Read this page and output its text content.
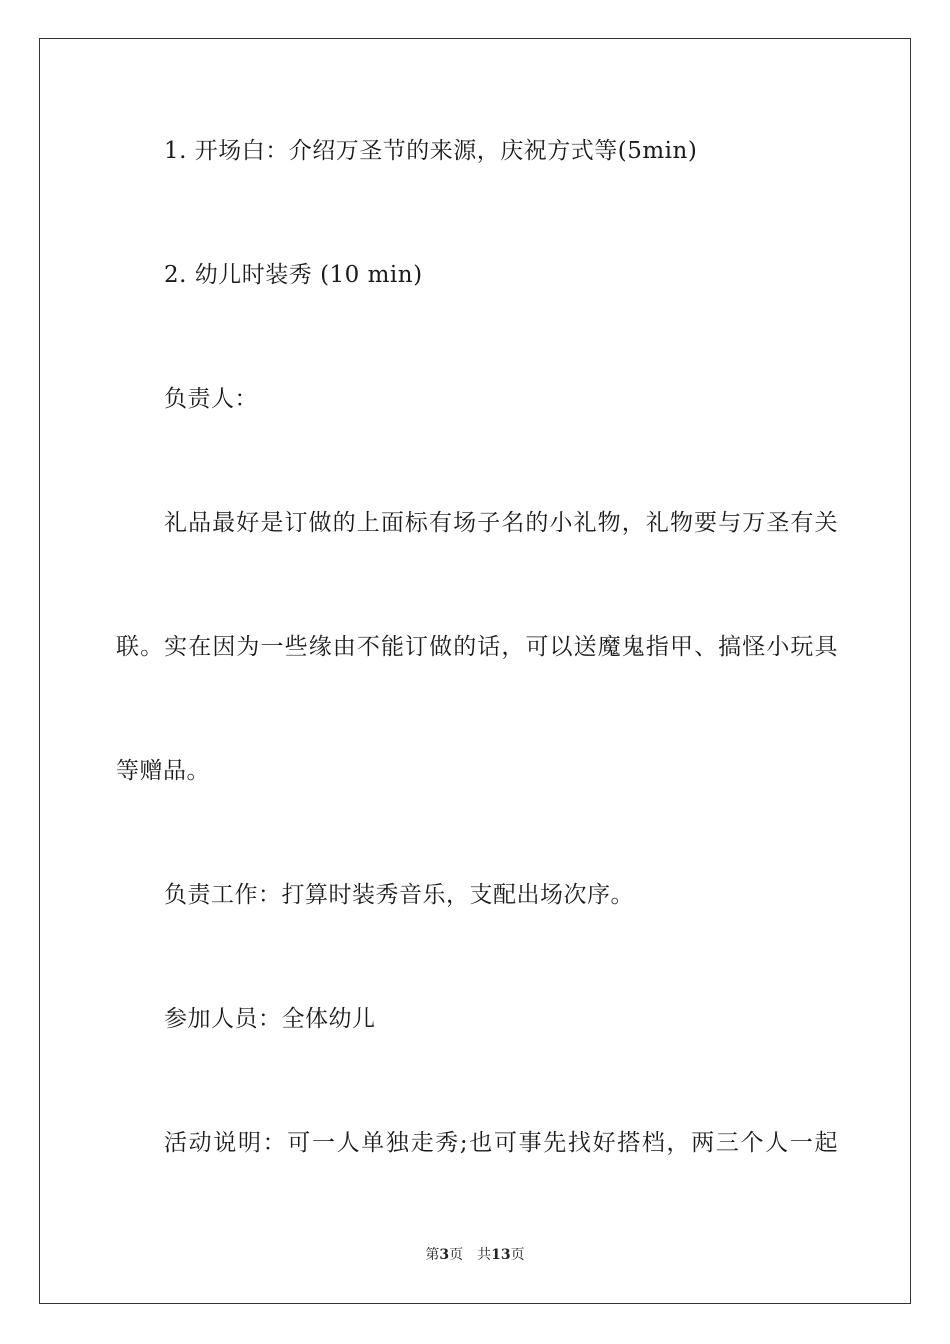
1. 开场白：介绍万圣节的来源，庆祝方式等(5min)
2. 幼儿时装秀 (10 min)
负责人：
礼品最好是订做的上面标有场子名的小礼物，礼物要与万圣有关
联。实在因为一些缘由不能订做的话，可以送魔鬼指甲、搞怪小玩具
等赠品。
负责工作：打算时装秀音乐，支配出场次序。
参加人员：全体幼儿
活动说明：可一人单独走秀;也可事先找好搭档，两三个人一起
第3页 共13页
